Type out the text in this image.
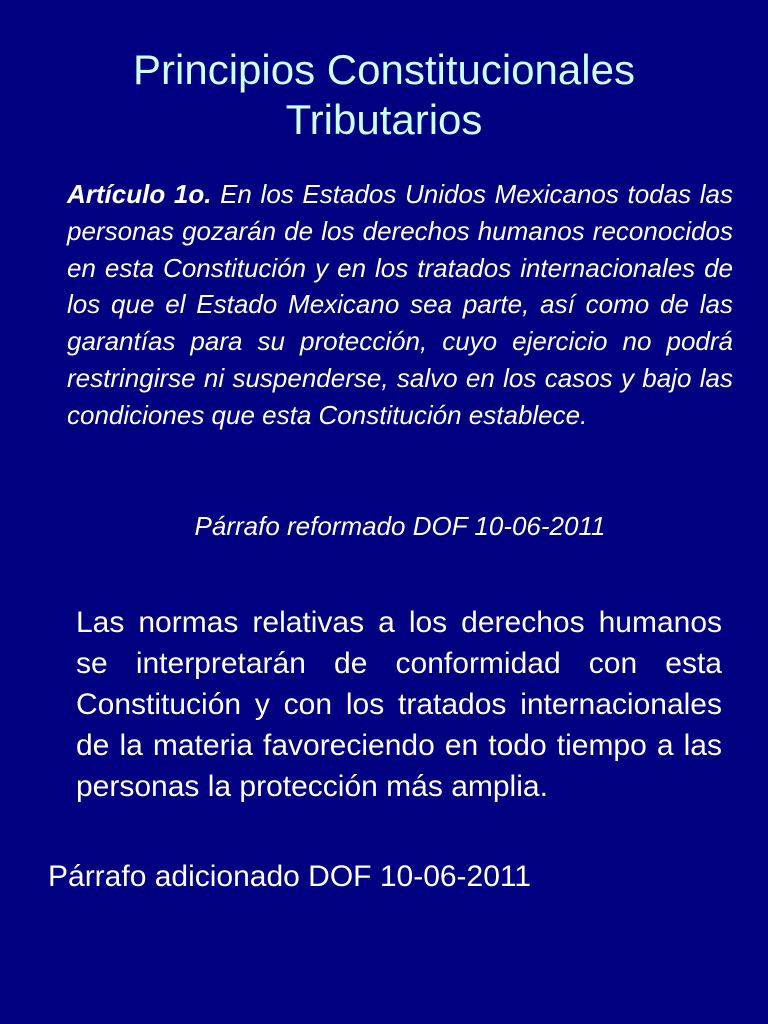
Principios Constitucionales
Tributarios

Artículo 1o. En los Estados Unidos Mexicanos todas las personas gozarán de los derechos humanos reconocidos en esta Constitución y en los tratados internacionales de los que el Estado Mexicano sea parte, así como de las garantías para su protección, cuyo ejercicio no podrá restringirse ni suspenderse, salvo en los casos y bajo las condiciones que esta Constitución establece.

Párrafo reformado DOF 10-06-2011

Las normas relativas a los derechos humanos se interpretarán de conformidad con esta Constitución y con los tratados internacionales de la materia favoreciendo en todo tiempo a las personas la protección más amplia.

Párrafo adicionado DOF 10-06-2011
